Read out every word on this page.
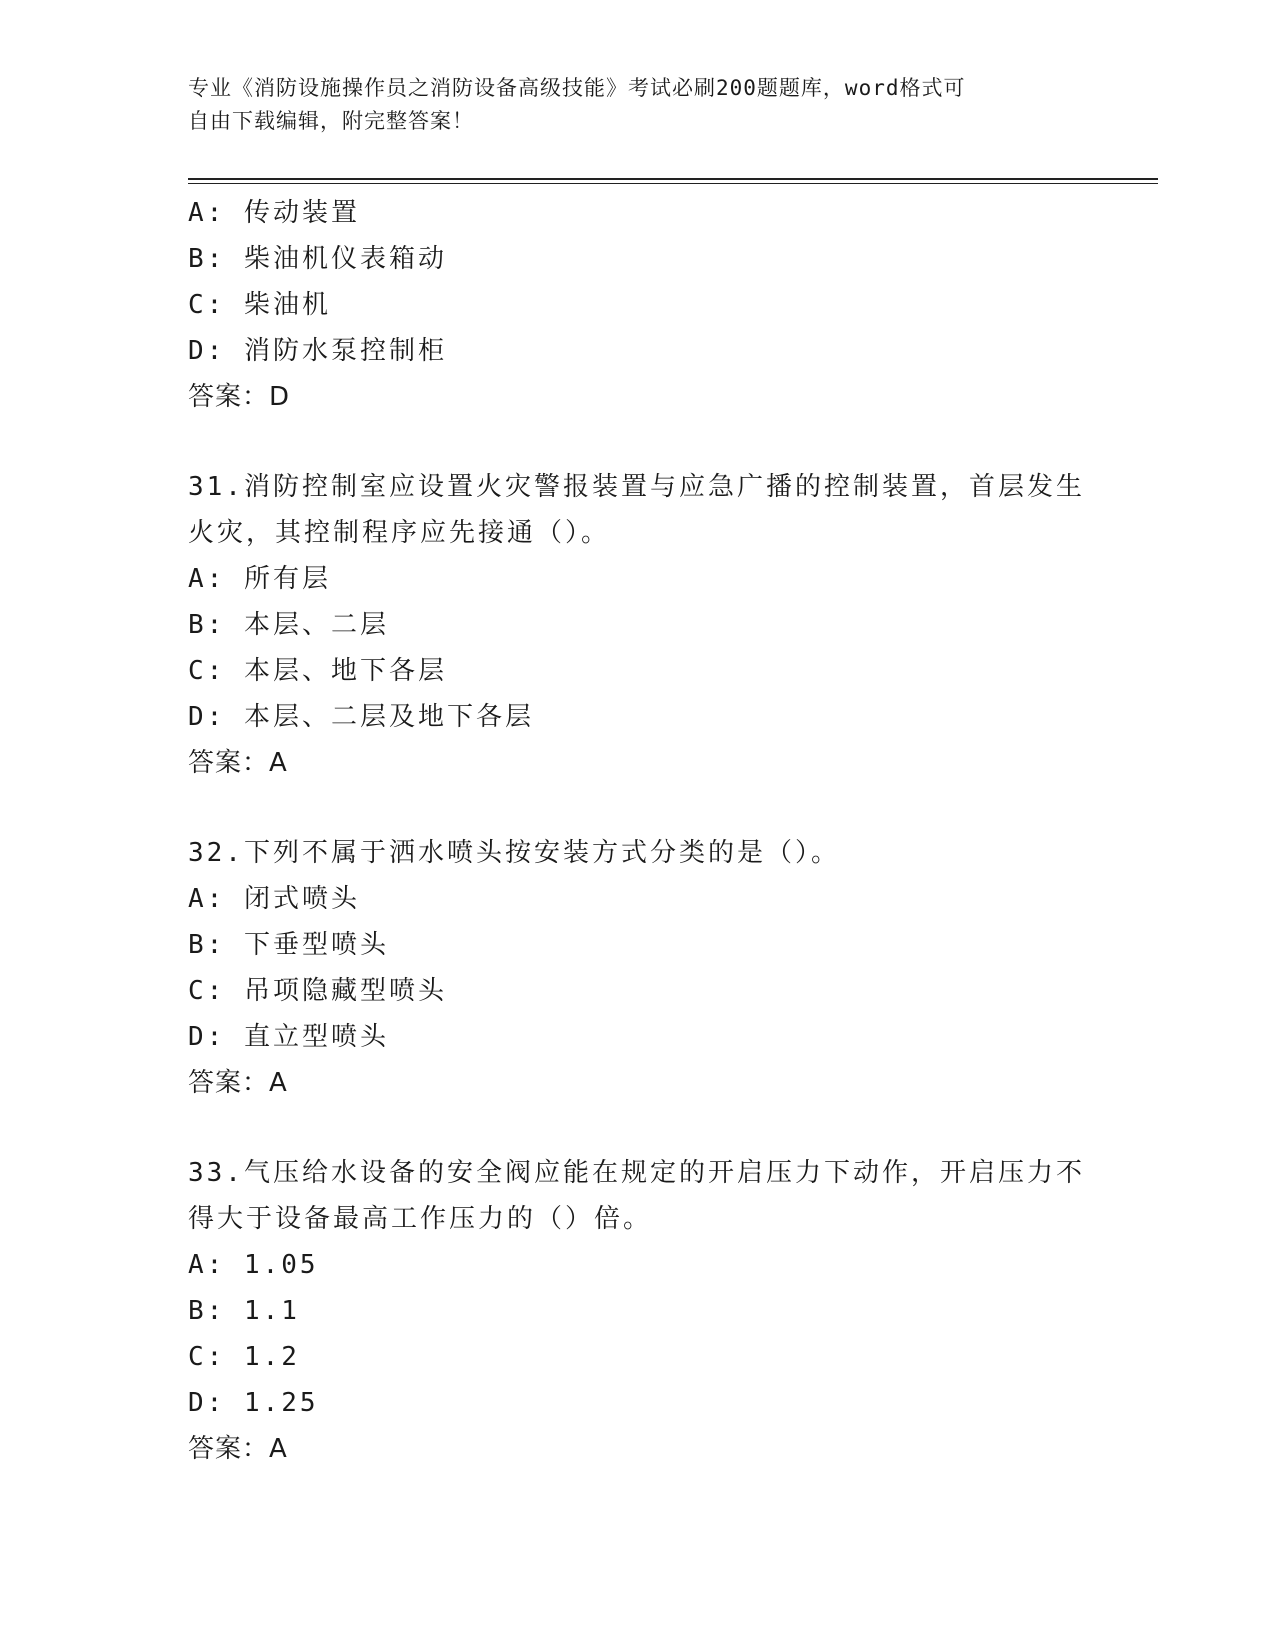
专业《消防设施操作员之消防设备高级技能》考试必刷200题题库，word格式可
自由下载编辑，附完整答案！
A: 传动装置
B: 柴油机仪表箱动
C: 柴油机
D: 消防水泵控制柜
答案：D
31.消防控制室应设置火灾警报装置与应急广播的控制装置，首层发生
火灾，其控制程序应先接通（）。
A: 所有层
B: 本层、二层
C: 本层、地下各层
D: 本层、二层及地下各层
答案：A
32.下列不属于洒水喷头按安装方式分类的是（）。
A: 闭式喷头
B: 下垂型喷头
C: 吊项隐藏型喷头
D: 直立型喷头
答案：A
33.气压给水设备的安全阀应能在规定的开启压力下动作，开启压力不
得大于设备最高工作压力的（）倍。
A: 1.05
B: 1.1
C: 1.2
D: 1.25
答案：A
